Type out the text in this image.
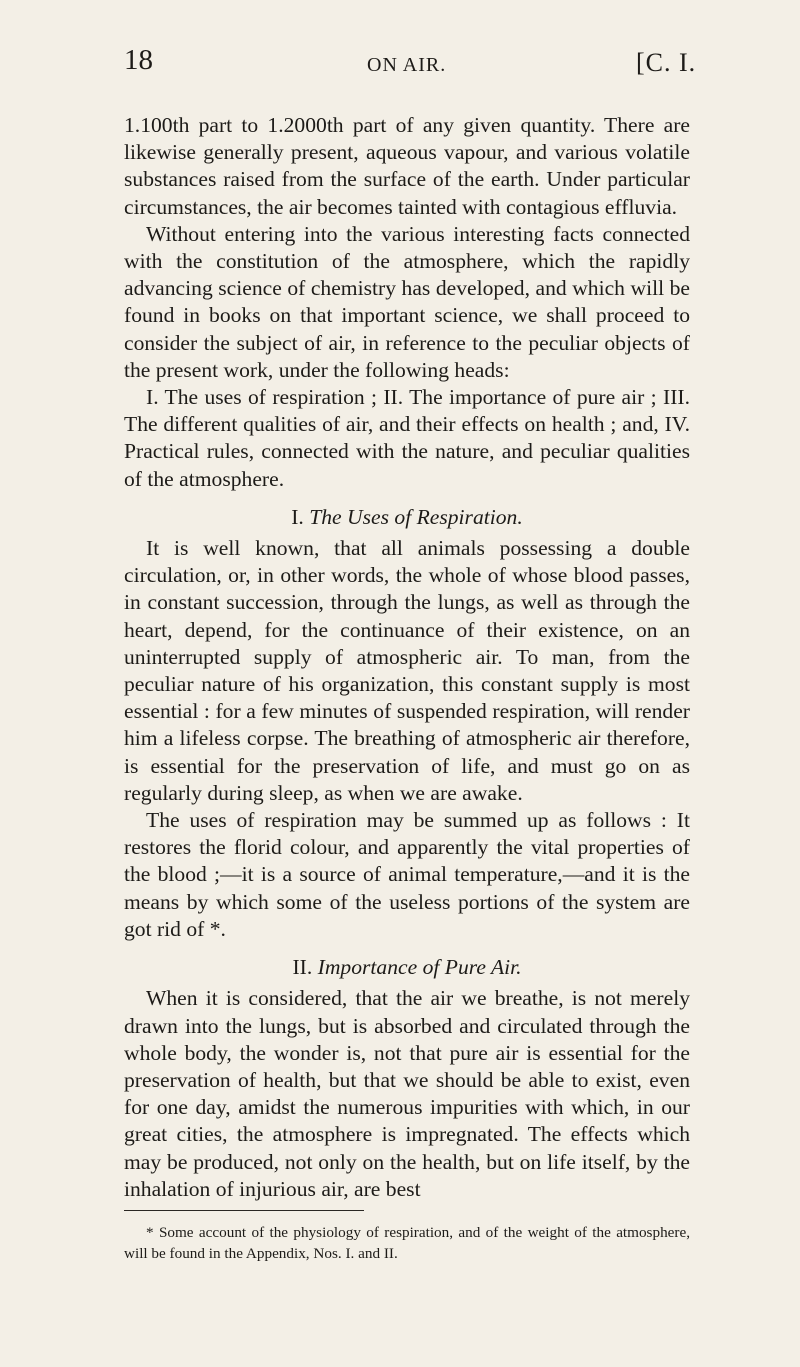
18	ON AIR.	[C. I.

1.100th part to 1.2000th part of any given quantity. There are likewise generally present, aqueous vapour, and various volatile substances raised from the surface of the earth. Under particular circumstances, the air becomes tainted with contagious effluvia.

Without entering into the various interesting facts connected with the constitution of the atmosphere, which the rapidly advancing science of chemistry has developed, and which will be found in books on that important science, we shall proceed to consider the subject of air, in reference to the peculiar objects of the present work, under the following heads:

I. The uses of respiration ; II. The importance of pure air ; III. The different qualities of air, and their effects on health ; and, IV. Practical rules, connected with the nature, and peculiar qualities of the atmosphere.

I. The Uses of Respiration.

It is well known, that all animals possessing a double circulation, or, in other words, the whole of whose blood passes, in constant succession, through the lungs, as well as through the heart, depend, for the continuance of their existence, on an uninterrupted supply of atmospheric air. To man, from the peculiar nature of his organization, this constant supply is most essential : for a few minutes of suspended respiration, will render him a lifeless corpse. The breathing of atmospheric air therefore, is essential for the preservation of life, and must go on as regularly during sleep, as when we are awake.

The uses of respiration may be summed up as follows : It restores the florid colour, and apparently the vital properties of the blood ;—it is a source of animal temperature,—and it is the means by which some of the useless portions of the system are got rid of *.

II. Importance of Pure Air.

When it is considered, that the air we breathe, is not merely drawn into the lungs, but is absorbed and circulated through the whole body, the wonder is, not that pure air is essential for the preservation of health, but that we should be able to exist, even for one day, amidst the numerous impurities with which, in our great cities, the atmosphere is impregnated. The effects which may be produced, not only on the health, but on life itself, by the inhalation of injurious air, are best

* Some account of the physiology of respiration, and of the weight of the atmosphere, will be found in the Appendix, Nos. I. and II.
